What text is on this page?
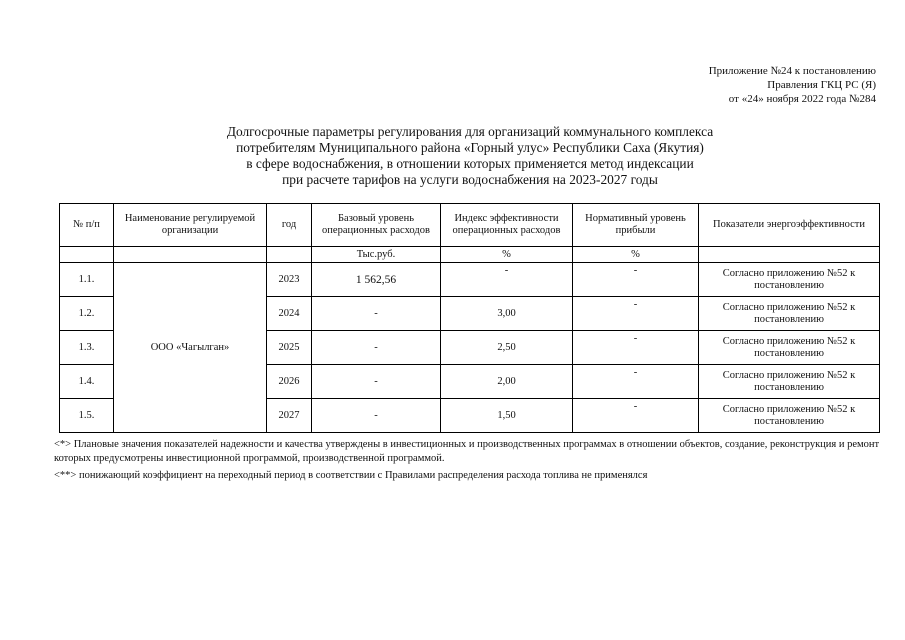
Приложение №24 к постановлению
Правления ГКЦ РС (Я)
от «24» ноября 2022 года №284
Долгосрочные параметры регулирования для организаций коммунального комплекса
потребителям Муниципального района «Горный улус» Республики Саха (Якутия)
в сфере водоснабжения, в отношении которых применяется метод индексации
при расчете тарифов на услуги водоснабжения на 2023-2027 годы
№ п/п	Наименование регулируемой организации	год	Базовый уровень операционных расходов	Индекс эффективности операционных расходов	Нормативный уровень прибыли	Показатели энергоэффективности
			Тыс.руб.	%	%	
1.1.	ООО «Чагылган»	2023	1 562,56	-	-	Согласно приложению №52 к постановлению
1.2.		2024	-	3,00	-	Согласно приложению №52 к постановлению
1.3.		2025	-	2,50	-	Согласно приложению №52 к постановлению
1.4.		2026	-	2,00	-	Согласно приложению №52 к постановлению
1.5.		2027	-	1,50	-	Согласно приложению №52 к постановлению
<*> Плановые значения показателей надежности и качества утверждены в инвестиционных и производственных программах в отношении объектов, создание, реконструкция и ремонт которых предусмотрены инвестиционной программой, производственной программой.
<**> понижающий коэффициент на переходный период в соответствии с Правилами распределения расхода топлива не применялся
